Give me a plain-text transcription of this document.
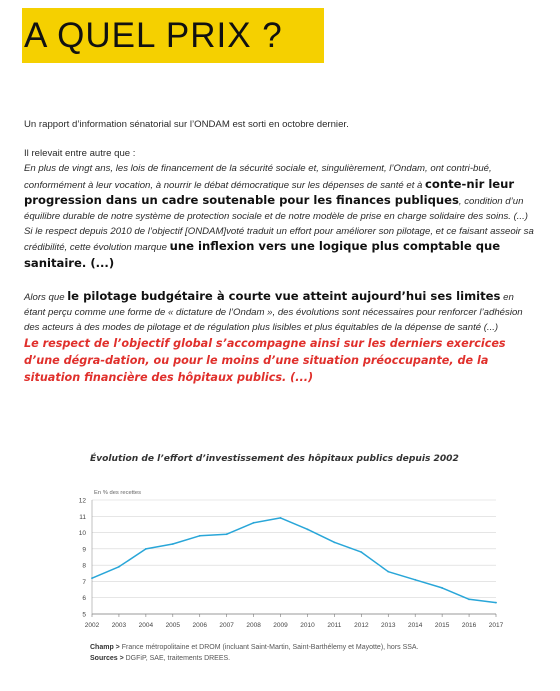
A QUEL PRIX ?

Un rapport d’information sénatorial sur l’ONDAM est sorti en octobre dernier.

Il relevait entre autre que :

En plus de vingt ans, les lois de financement de la sécurité sociale et, singulièrement, l’Ondam, ont contri-bué, conformément à leur vocation, à nourrir le débat démocratique sur les dépenses de santé et à conte-nir leur progression dans un cadre soutenable pour les finances publiques, condition d’un équilibre durable de notre système de protection sociale et de notre modèle de prise en charge solidaire des soins. (...)

Si le respect depuis 2010 de l’objectif [ONDAM]voté traduit un effort pour améliorer son pilotage, et ce faisant asseoir sa crédibilité, cette évolution marque une inflexion vers une logique plus comptable que sanitaire. (...)

Alors que le pilotage budgétaire à courte vue atteint aujourd’hui ses limites en étant perçu comme une forme de « dictature de l’Ondam », des évolutions sont nécessaires pour renforcer l’adhésion des acteurs à des modes de pilotage et de régulation plus lisibles et plus équitables de la dépense de santé (...)

Le respect de l’objectif global s’accompagne ainsi sur les derniers exercices d’une dégra-dation, ou pour le moins d’une situation préoccupante, de la situation financière des hôpitaux publics. (...)

En % des recettes
5
6
7
8
9
10
11
12
2002 2003 2004 2005 2006 2007 2008 2009 2010 2011 2012 2013 2014 2015 2016 2017
Évolution de l’effort d’investissement des hôpitaux publics depuis 2002
Champ > France métropolitaine et DROM (incluant Saint-Martin, Saint-Barthélemy et Mayotte), hors SSA.
Sources > DGFiP, SAE, traitements DREES.
